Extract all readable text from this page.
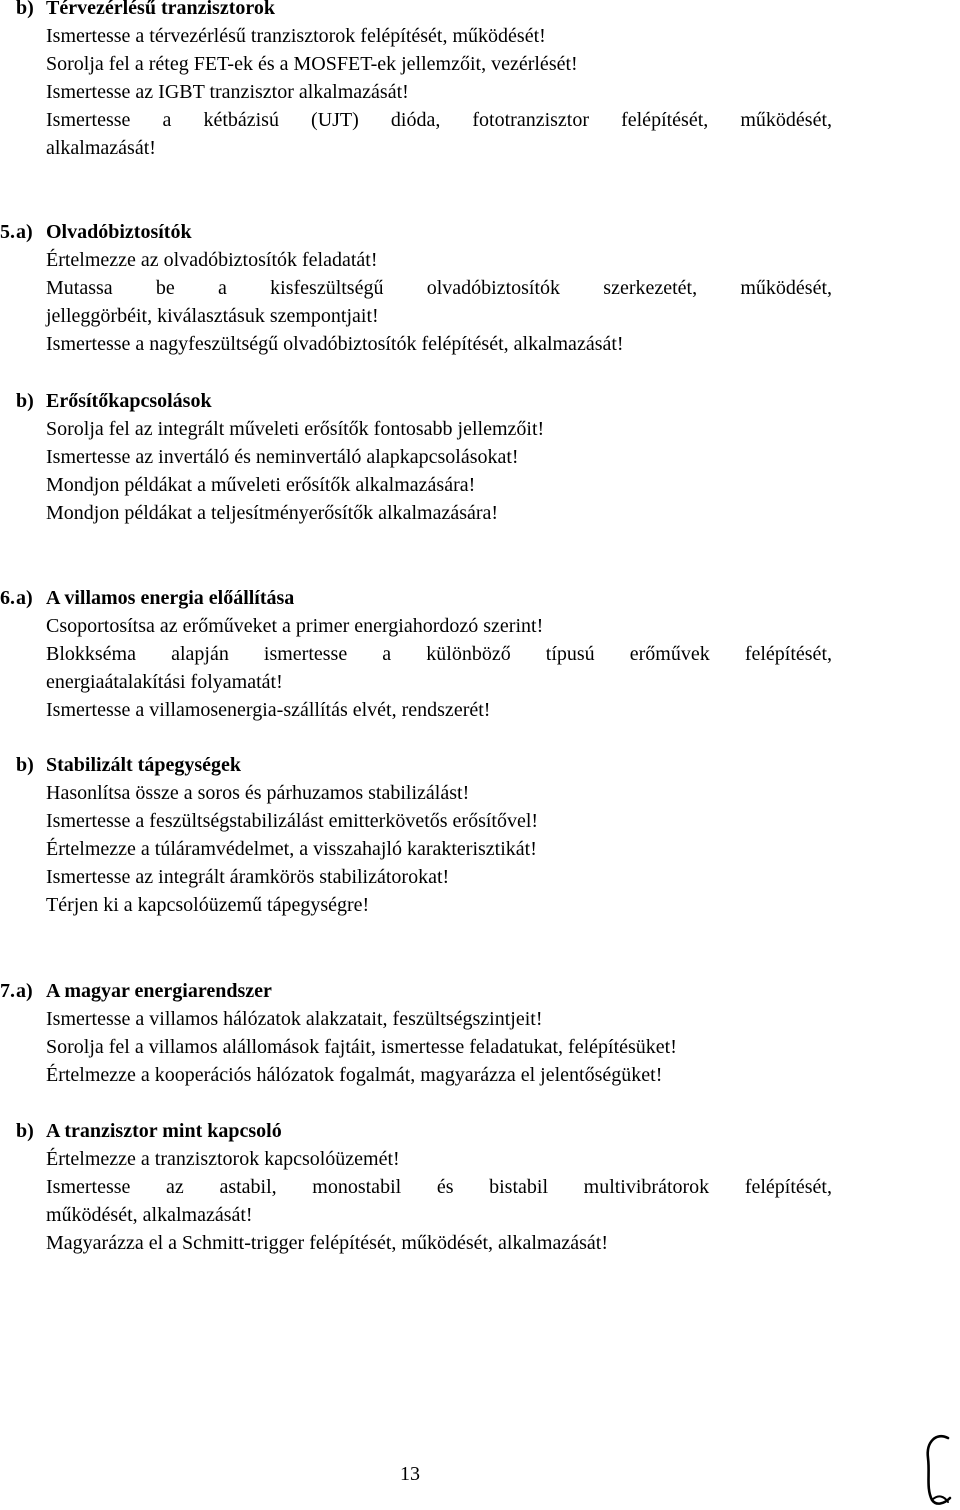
b) Térvezérlésű tranzisztorok
Ismertesse a térvezérlésű tranzisztorok felépítését, működését!
Sorolja fel a réteg FET-ek és a MOSFET-ek jellemzőit, vezérlését!
Ismertesse az IGBT tranzisztor alkalmazását!
Ismertesse a kétbázisú (UJT) dióda, fototranzisztor felépítését, működését,
alkalmazását!
5. a) Olvadóbiztosítók
Értelmezze az olvadóbiztosítók feladatát!
Mutassa be a kisfeszültségű olvadóbiztosítók szerkezetét, működését,
jelleggörbéit, kiválasztásuk szempontjait!
Ismertesse a nagyfeszültségű olvadóbiztosítók felépítését, alkalmazását!
b) Erősítőkapcsolások
Sorolja fel az integrált műveleti erősítők fontosabb jellemzőit!
Ismertesse az invertáló és neminvertáló alapkapcsolásokat!
Mondjon példákat a műveleti erősítők alkalmazására!
Mondjon példákat a teljesítményerősítők alkalmazására!
6. a) A villamos energia előállítása
Csoportosítsa az erőműveket a primer energiahordozó szerint!
Blokkséma alapján ismertesse a különböző típusú erőművek felépítését,
energiaátalakítási folyamatát!
Ismertesse a villamosenergia-szállítás elvét, rendszerét!
b) Stabilizált tápegységek
Hasonlítsa össze a soros és párhuzamos stabilizálást!
Ismertesse a feszültségstabilizálást emitterkövetős erősítővel!
Értelmezze a túláramvédelmet, a visszahajló karakterisztikát!
Ismertesse az integrált áramkörös stabilizátorokat!
Térjen ki a kapcsolóüzemű tápegységre!
7. a) A magyar energiarendszer
Ismertesse a villamos hálózatok alakzatait, feszültségszintjeit!
Sorolja fel a villamos alállomások fajtáit, ismertesse feladatukat, felépítésüket!
Értelmezze a kooperációs hálózatok fogalmát, magyarázza el jelentőségüket!
b) A tranzisztor mint kapcsoló
Értelmezze a tranzisztorok kapcsolóüzemét!
Ismertesse az astabil, monostabil és bistabil multivibrátorok felépítését,
működését, alkalmazását!
Magyarázza el a Schmitt-trigger felépítését, működését, alkalmazását!
13
